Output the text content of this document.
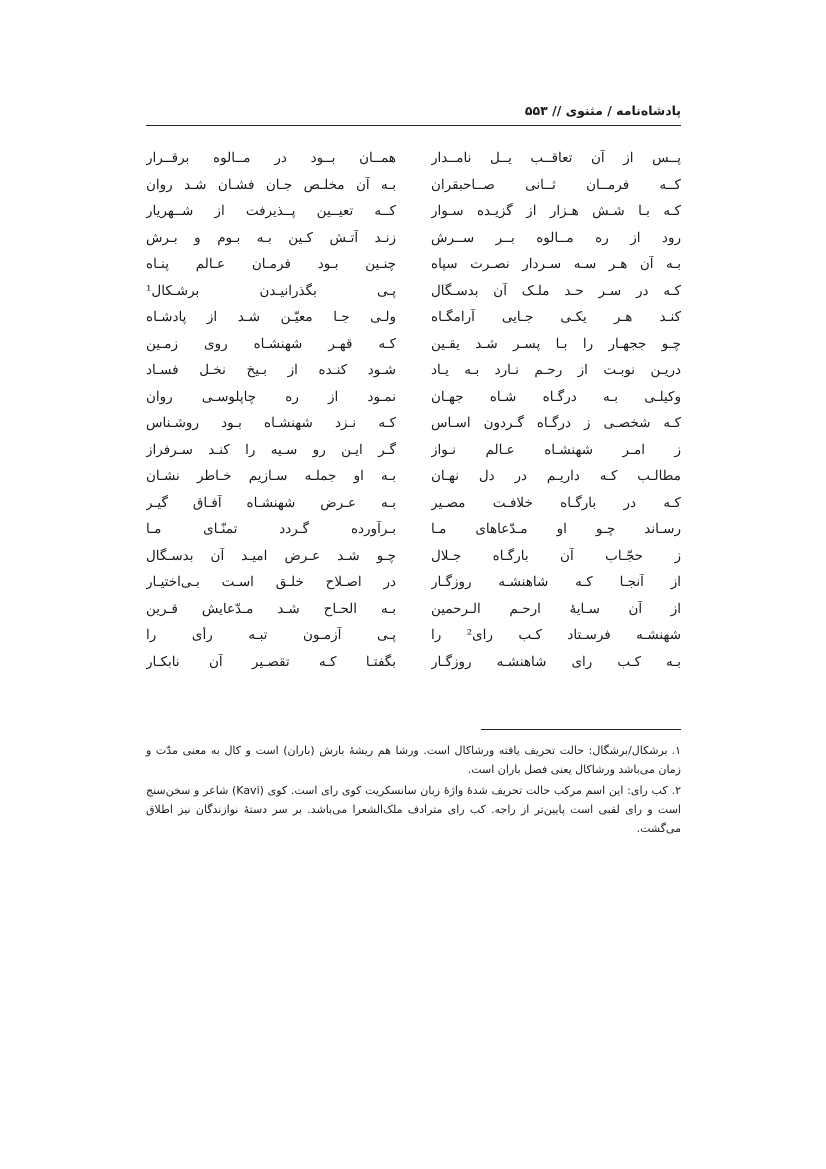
پادشاه‌نامه / مثنوی // ۵۵۳
پــس از آن تعاقــب یــل نامــدار
همــان بــود در مــالوه برقــرار
کــه فرمــان ثــانی صــاحبقران
بـه آن مخلـص جـان فشـان شـد روان
کـه بـا شـش هـزار از گزیـده سـوار
کــه تعیــین پــذیرفت از شــهریار
رود از ره مــالوه بــر ســرش
زنـد آتـش کـین بـه بـوم و بـرش
بـه آن هـر سـه سـردار نصـرت سپاه
چنـین بـود فرمـان عـالم پنـاه
کـه در سـر حـد ملـک آن بدسـگال
پـی بگذرانیـدن برشـکال¹
کنـد هـر یکـی جـایی آرامگـاه
ولـی جـا معیّـن شـد از پادشـاه
چـو ججهـار را بـا پسـر شـد یقـین
کـه قهـر شهنشـاه روی زمـین
دریـن نوبـت از رحـم نـارد بـه یـاد
شـود کنـده از بـیخ نخـل فسـاد
وکیلـی بـه درگـاه شـاه جهـان
نمـود از ره چاپلوسـی روان
کـه شخصـی ز درگـاه گـردون اسـاس
کـه نـزد شهنشـاه بـود روشـناس
ز امـر شهنشـاه عـالم نـواز
گـر ایـن رو سـیه را کنـد سـرفراز
مطالـب کـه داریـم در دل نهـان
بـه او جملـه سـازیم خـاطر نشـان
کـه در بارگـاه خلافـت مصـیر
بـه عـرض شهنشـاه آفـاق گیـر
رسـاند چـو او مـدّعاهای مـا
بـرآورده گـردد تمنّـای مـا
ز حجّـاب آن بارگـاه جـلال
چـو شـد عـرض امیـد آن بدسـگال
از آنجـا کـه شاهنشـه روزگـار
در اصـلاح خلـق اسـت بـی‌اختیـار
از آن سـایهٔ ارحـم الـرحمین
بـه الحـاح شـد مـدّعایش قـرین
شهنشـه فرسـتاد کـب رای² را
پـی آزمـون تبـه رأی را
بـه کـب رای شاهنشـه روزگـار
بگفتـا کـه تقصـیر آن نابکـار

۱.برشکال/برشگال: حالت تحریف یافته ورشاکال است. ورشا هم ریشهٔ بارش (باران) است و کال به معنی مدّت و زمان می‌باشد ورشاکال یعنی فصل باران است.

۲.کب رای: این اسم مرکب حالت تحریف شدهٔ واژهٔ زبان سانسکریت کوی رای است. کوی (Kavi) شاعر و سخن‌سنج است و رای لقبی است پایین‌تر از راجه. کب رای مترادف ملک‌الشعرا می‌باشد. بر سر دستهٔ نوازندگان نیز اطلاق می‌گشت.
